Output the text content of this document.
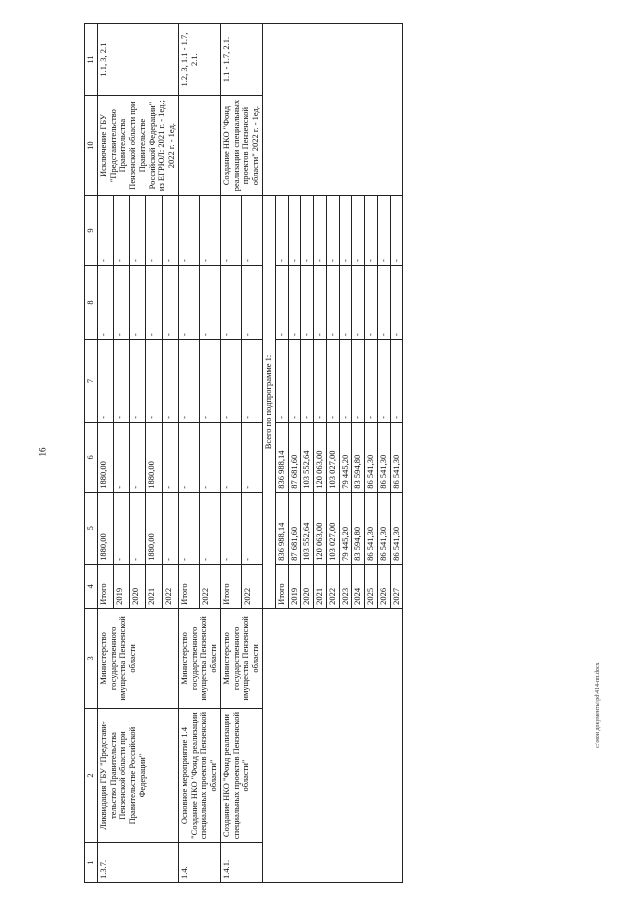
16
c:\мои документы\pd\414-пп.docx
1	2	3	4	5	6	7	8	9	10	11
1.3.7.	Ликвидация ГБУ "Представи-тельство Правительства Пензенской области при Правительстве Российской Федерации"	Министерство государственного имущества Пензенской области	Итого	1880,00	1880,00	-	-	-	Исключение ГБУ "Представительство Правительства Пензенской области при Правительстве Российской Федерации" из ЕГРЮЛ: 2021 г. - 1ед.; 2022 г. - 1ед.	1.1, 3, 2.1
			2019	-	-	-	-	-		
			2020	-	-	-	-	-		
			2021	1880,00	1880,00	-	-	-		
			2022	-	-	-	-	-		
1.4.	Основное мероприятие 1.4 "Создание НКО "Фонд реализации специальных проектов Пензенской области"	Министерство государственного имущества Пензенской области	Итого	-	-	-	-	-		1.2, 3, 1.1 - 1.7, 2.1.
			2022	-	-	-	-	-		
1.4.1.	Создание НКО "Фонд реализации специальных проектов Пензенской области"	Министерство государственного имущества Пензенской области	Итого	-	-	-	-	-	Создание НКО "Фонд реализации специальных проектов Пензенской области" 2022 г. - 1ед.	1.1 - 1.7, 2.1.
			2022	-	-	-	-	-		
			Всего по подпрограмме 1:							
			Итого	836 988,14	836 988,14	-	-	-		
			2019	87 681,60	87 681,60	-	-	-		
			2020	103 552,64	103 552,64	-	-	-		
			2021	120 063,00	120 063,00	-	-	-		
			2022	103 027,00	103 027,00	-	-	-		
			2023	79 445,20	79 445,20	-	-	-		
			2024	83 594,80	83 594,80	-	-	-		
			2025	86 541,30	86 541,30	-	-	-		
			2026	86 541,30	86 541,30	-	-	-		
			2027	86 541,30	86 541,30	-	-	-		
